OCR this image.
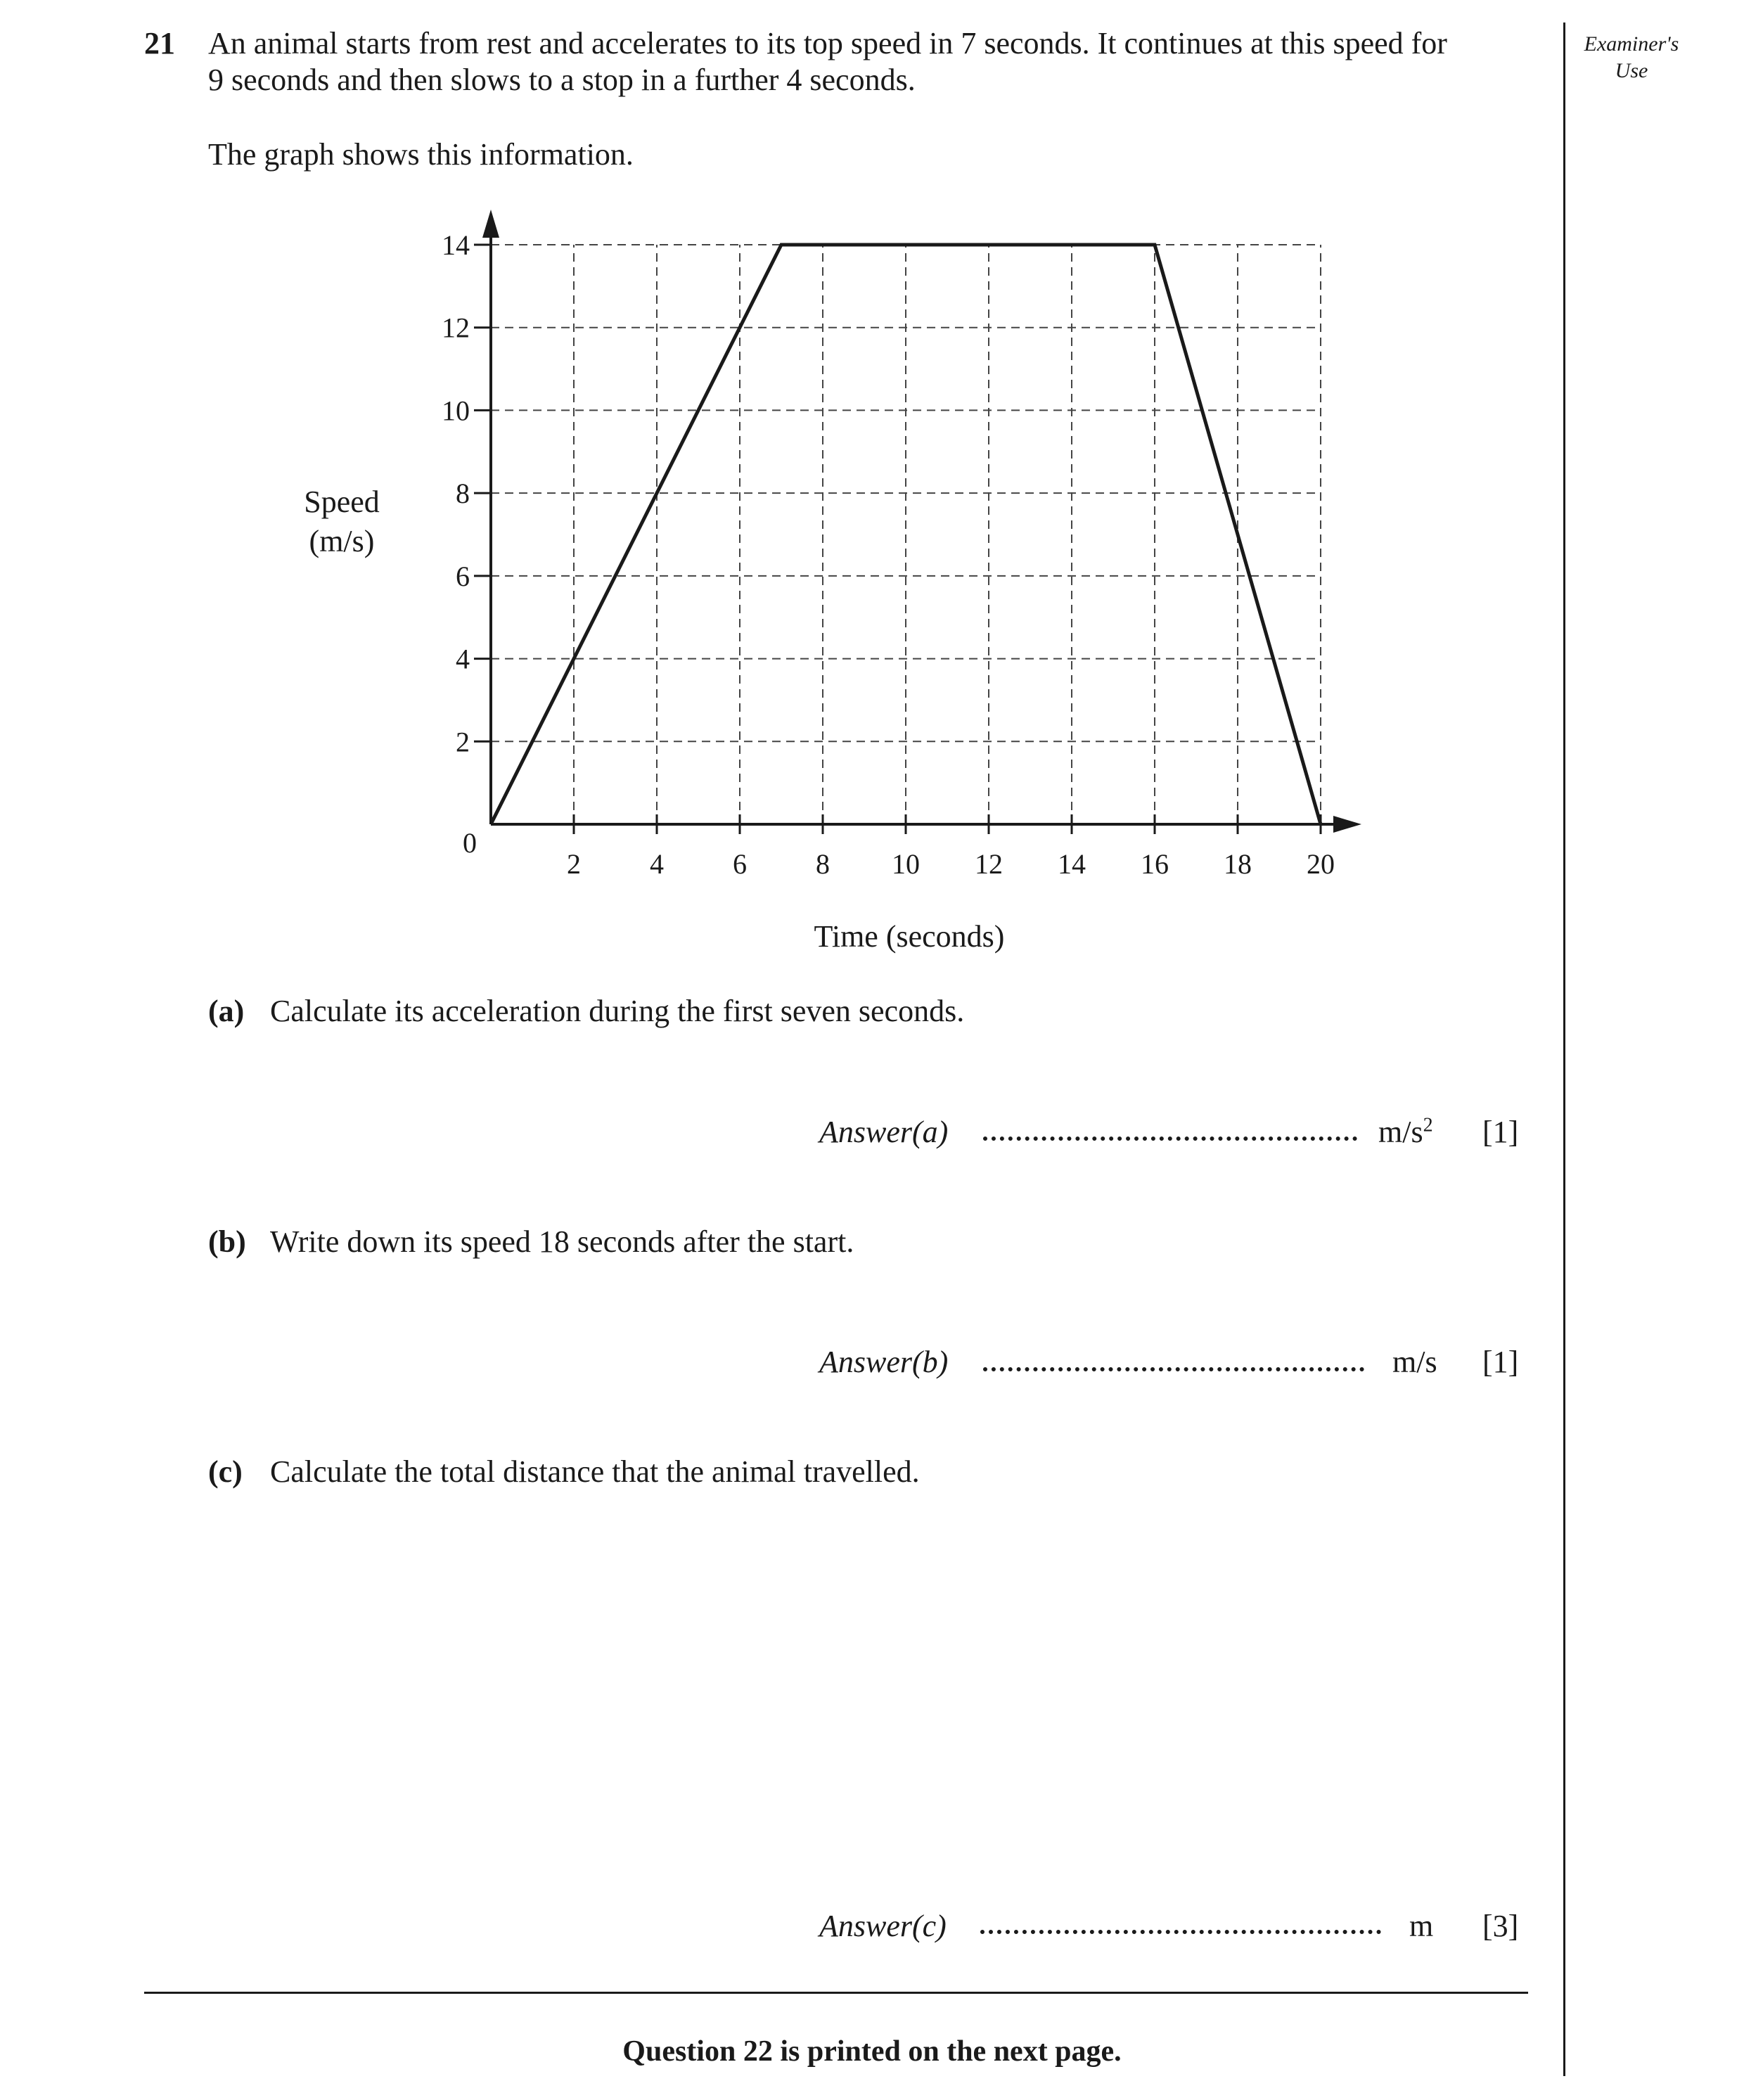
21 An animal starts from rest and accelerates to its top speed in 7 seconds. It continues at this speed for
9 seconds and then slows to a stop in a further 4 seconds.
The graph shows this information.
Examiner's
Use
2 4 6 8 10 12 14 16 18 20
2
4
6
8
10
12
14
0
Time (seconds)
Speed
(m/s)
(a) Calculate its acceleration during the first seven seconds.
Answer(a)	$m/s^2$ [1]
(b) Write down its speed 18 seconds after the start.
Answer(b)	m/s [1]
(c) Calculate the total distance that the animal travelled.
Answer(c)	m [3]
Question 22 is printed on the next page.
